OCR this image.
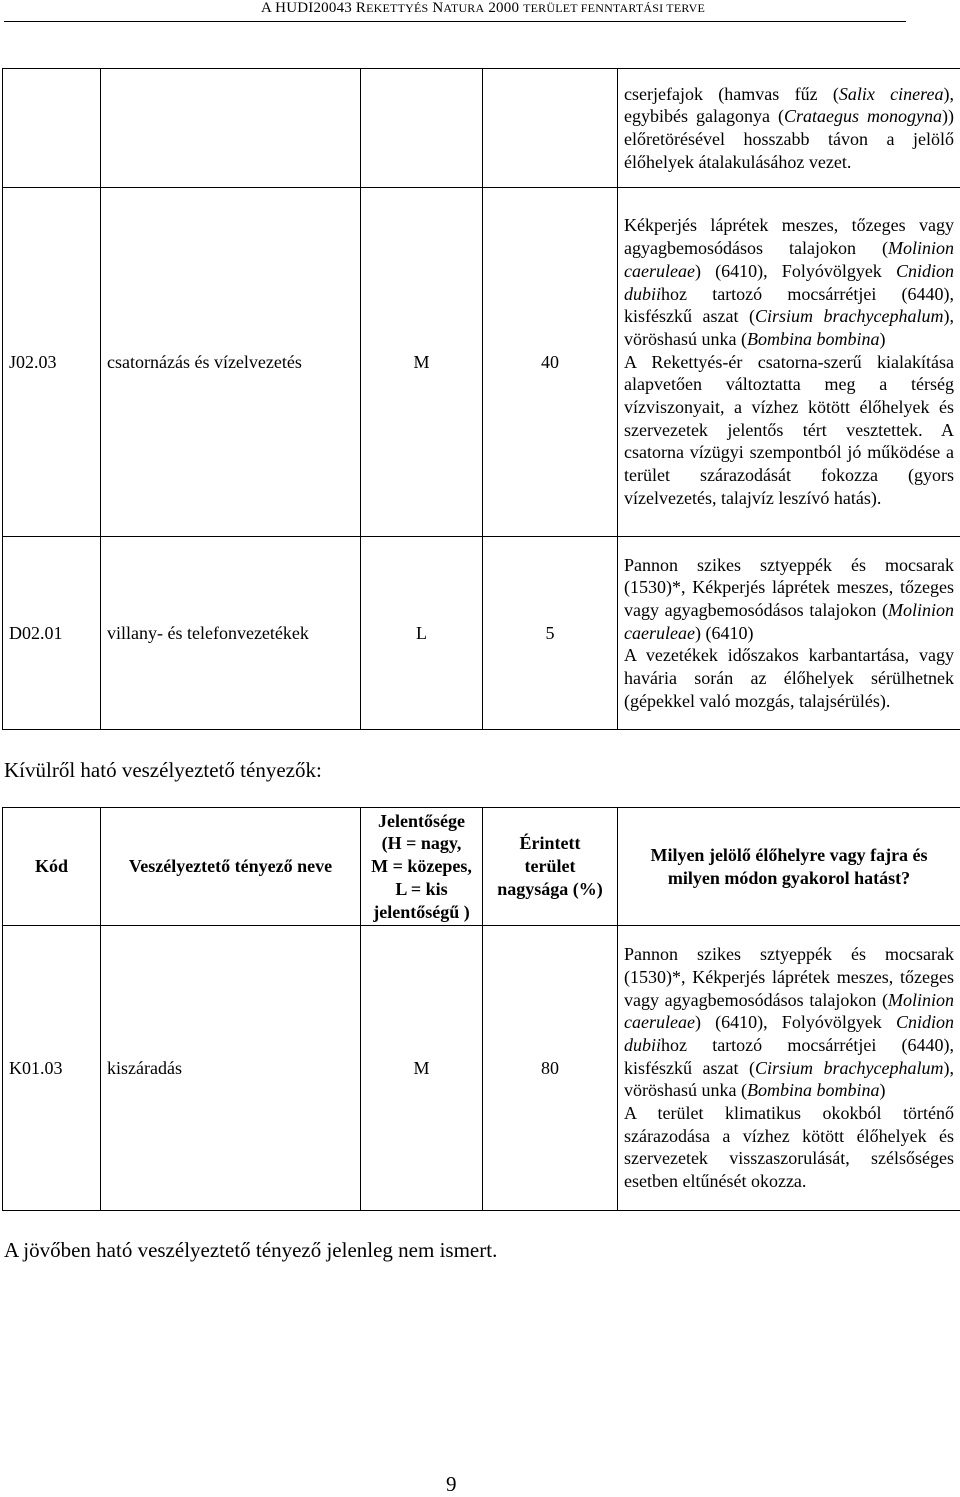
A HUDI20043 REKETTYÉS NATURA 2000 TERÜLET FENNTARTÁSI TERVE

				cserjefajok (hamvas fűz (Salix cinerea), egybibés galagonya (Crataegus monogyna)) előretörésével hosszabb távon a jelölő élőhelyek átalakulásához vezet.

J02.03	csatornázás és vízelvezetés	M	40	Kékperjés láprétek meszes, tőzeges vagy agyagbemosódásos talajokon (Molinion caeruleae) (6410), Folyóvölgyek Cnidion dubiihoz tartozó mocsárrétjei (6440), kisfészkű aszat (Cirsium brachycephalum), vöröshasú unka (Bombina bombina)

A Rekettyés-ér csatorna-szerű kialakítása alapvetően változtatta meg a térség vízviszonyait, a vízhez kötött élőhelyek és szervezetek jelentős tért vesztettek. A csatorna vízügyi szempontból jó működése a terület szárazodását fokozza (gyors vízelvezetés, talajvíz leszívó hatás).

D02.01	villany- és telefonvezetékek	L	5	Pannon szikes sztyeppék és mocsarak (1530)*, Kékperjés láprétek meszes, tőzeges vagy agyagbemosódásos talajokon (Molinion caeruleae) (6410)

A vezetékek időszakos karbantartása, vagy havária során az élőhelyek sérülhetnek (gépekkel való mozgás, talajsérülés).

Kívülről ható veszélyeztető tényezők:
Kód	Veszélyeztető tényező neve	Jelentősége
(H = nagy,
M = közepes,
L = kis
jelentőségű )	Érintett
terület
nagysága (%)	Milyen jelölő élőhelyre vagy fajra és
milyen módon gyakorol hatást?
K01.03	kiszáradás	M	80	Pannon szikes sztyeppék és mocsarak (1530)*, Kékperjés láprétek meszes, tőzeges vagy agyagbemosódásos talajokon (Molinion caeruleae) (6410), Folyóvölgyek Cnidion dubiihoz tartozó mocsárrétjei (6440), kisfészkű aszat (Cirsium brachycephalum), vöröshasú unka (Bombina bombina)

A terület klimatikus okokból történő szárazodása a vízhez kötött élőhelyek és szervezetek visszaszorulását, szélsőséges esetben eltűnését okozza.

A jövőben ható veszélyeztető tényező jelenleg nem ismert.
9
